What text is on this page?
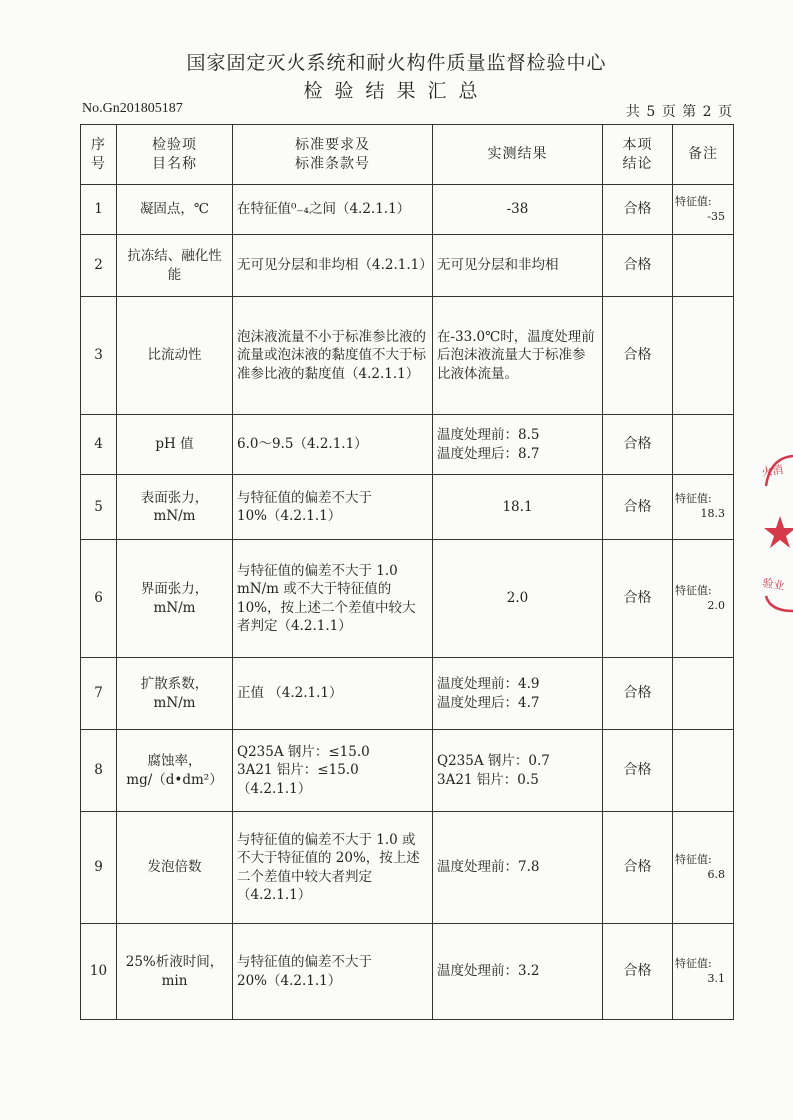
国家固定灭火系统和耐火构件质量监督检验中心
检验结果汇总
No.Gn201805187	共 5 页 第 2 页
序
号	检验项
目名称	标准要求及
标准条款号	实测结果	本项
结论	备注
1	凝固点，℃	在特征值⁰₋₄之间（4.2.1.1）	-38	合格	特征值:
-35

2	抗冻结、融化性能	无可见分层和非均相（4.2.1.1）	无可见分层和非均相	合格	

3	比流动性	泡沫液流量不小于标准参比液的流量或泡沫液的黏度值不大于标准参比液的黏度值（4.2.1.1）	在-33.0℃时，温度处理前后泡沫液流量大于标准参比液体流量。	合格	

4	pH 值	6.0～9.5（4.2.1.1）	温度处理前：8.5
温度处理后：8.7	合格	

5	表面张力，
mN/m	与特征值的偏差不大于 10%（4.2.1.1）	18.1	合格	特征值:
18.3

6	界面张力，
mN/m	与特征值的偏差不大于 1.0 mN/m 或不大于特征值的 10%，按上述二个差值中较大者判定（4.2.1.1）	2.0	合格	特征值:
2.0

7	扩散系数，
mN/m	正值 （4.2.1.1）	温度处理前：4.9
温度处理后：4.7	合格	

8	腐蚀率，
mg/（d•dm²）	Q235A 钢片：≤15.0
3A21 铝片：≤15.0
（4.2.1.1）	Q235A 钢片：0.7
3A21 铝片：0.5	合格	

9	发泡倍数	与特征值的偏差不大于 1.0 或不大于特征值的 20%，按上述二个差值中较大者判定（4.2.1.1）	温度处理前：7.8	合格	特征值:
6.8

10	25%析液时间，
min	与特征值的偏差不大于 20%（4.2.1.1）	温度处理前：3.2	合格	特征值:
3.1
火消
验业
